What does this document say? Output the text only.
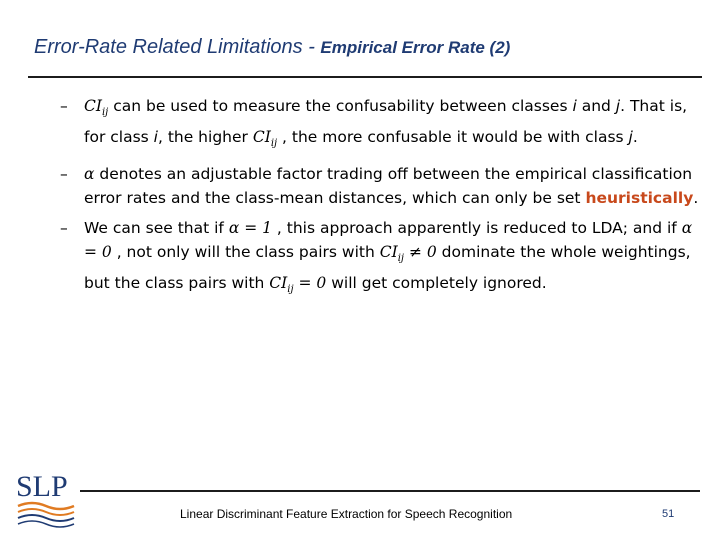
Error-Rate Related Limitations - Empirical Error Rate (2)
– $CI_{ij}$ can be used to measure the confusability between classes i and j. That is, for class i, the higher $CI_{ij}$ , the more confusable it would be with class j.
– α denotes an adjustable factor trading off between the empirical classification error rates and the class-mean distances, which can only be set heuristically.
– We can see that if α = 1 , this approach apparently is reduced to LDA; and if α = 0 , not only will the class pairs with $CI_{ij} \ne 0$ dominate the whole weightings, but the class pairs with $CI_{ij} = 0$ will get completely ignored.
SLP
Linear Discriminant Feature Extraction for Speech Recognition	51
